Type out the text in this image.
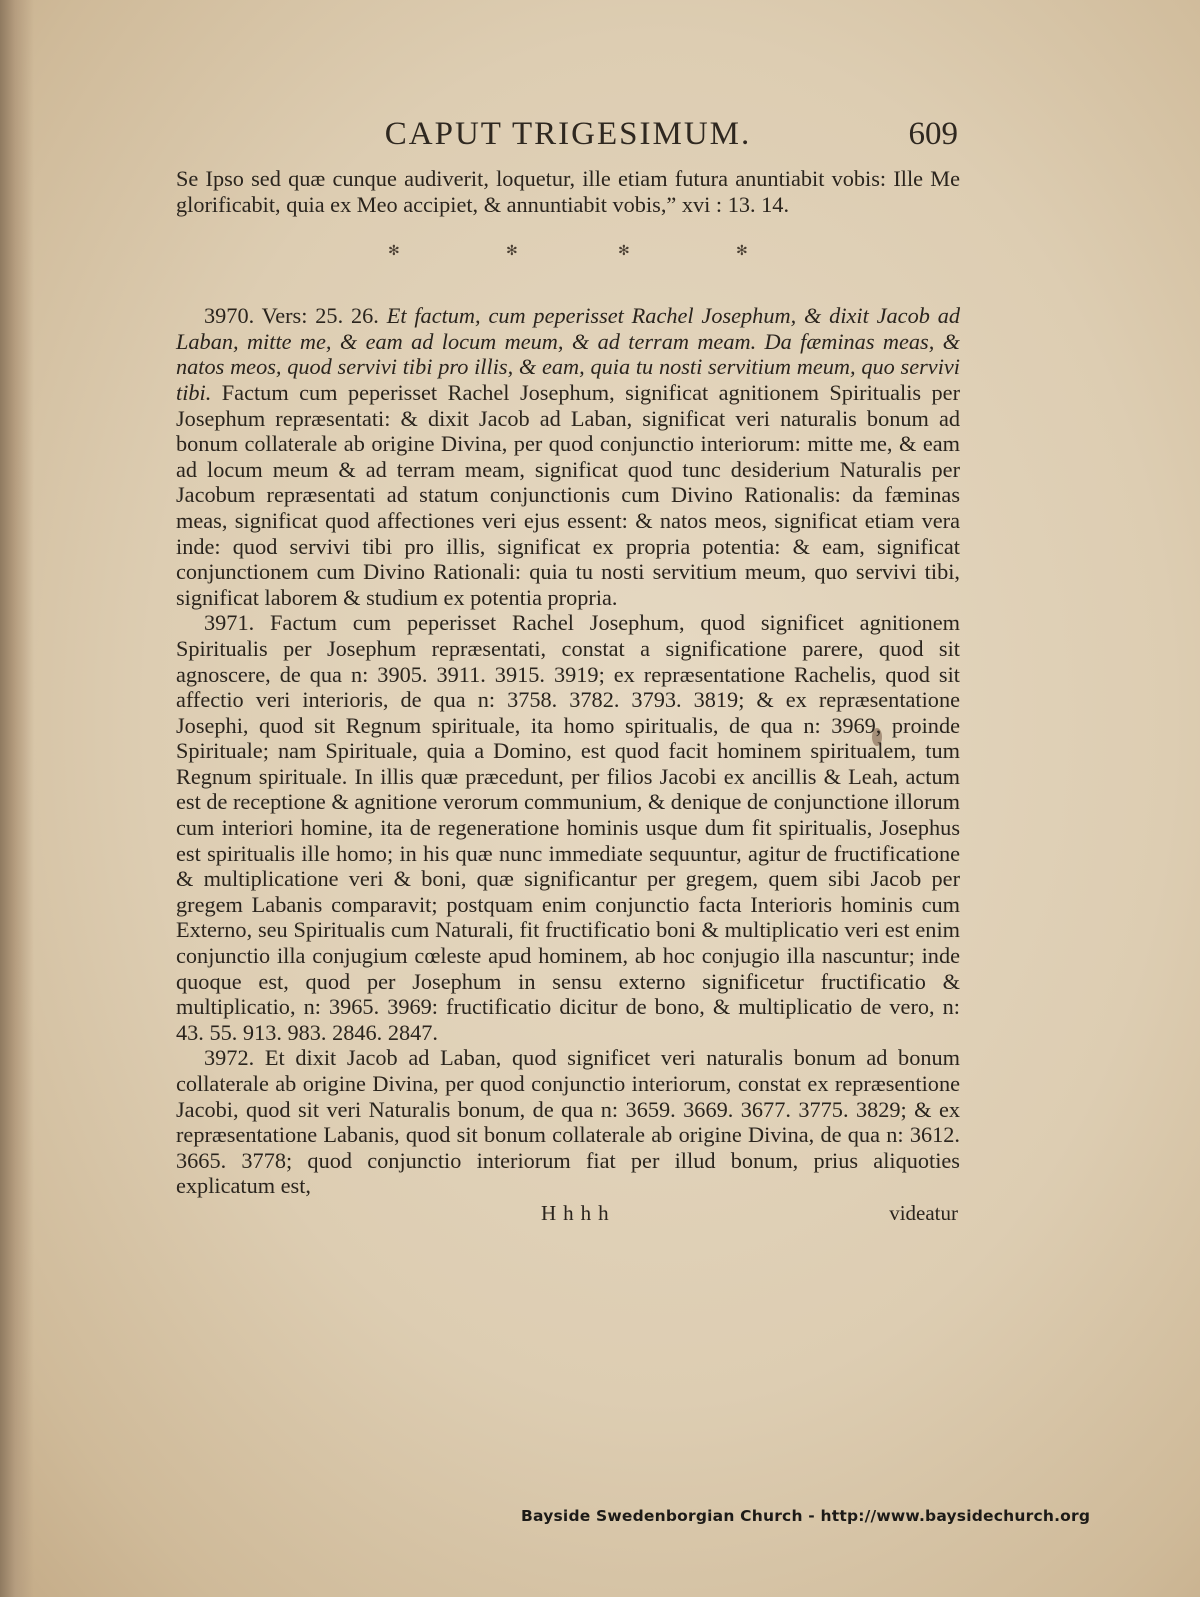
CAPUT TRIGESIMUM.	609

Se Ipso sed quæ cunque audiverit, loquetur, ille etiam futura anuntiabit vobis: Ille Me glorificabit, quia ex Meo accipiet, & annuntiabit vobis,” xvi : 13. 14.

✻	✻	✻	✻

3970. Vers: 25. 26. Et factum, cum peperisset Rachel Josephum, & dixit Jacob ad Laban, mitte me, & eam ad locum meum, & ad terram meam. Da fæminas meas, & natos meos, quod servivi tibi pro illis, & eam, quia tu nosti servitium meum, quo servivi tibi. Factum cum peperisset Rachel Josephum, significat agnitionem Spiritualis per Josephum repræsentati: & dixit Jacob ad Laban, significat veri naturalis bonum ad bonum collaterale ab origine Divina, per quod conjunctio interiorum: mitte me, & eam ad locum meum & ad terram meam, significat quod tunc desiderium Naturalis per Jacobum repræsentati ad statum conjunctionis cum Divino Rationalis: da fæminas meas, significat quod affectiones veri ejus essent: & natos meos, significat etiam vera inde: quod servivi tibi pro illis, significat ex propria potentia: & eam, significat conjunctionem cum Divino Rationali: quia tu nosti servitium meum, quo servivi tibi, significat laborem & studium ex potentia propria.

3971. Factum cum peperisset Rachel Josephum, quod significet agnitionem Spiritualis per Josephum repræsentati, constat a significatione parere, quod sit agnoscere, de qua n: 3905. 3911. 3915. 3919; ex repræsentatione Rachelis, quod sit affectio veri interioris, de qua n: 3758. 3782. 3793. 3819; & ex repræsentatione Josephi, quod sit Regnum spirituale, ita homo spiritualis, de qua n: 3969, proinde Spirituale; nam Spirituale, quia a Domino, est quod facit hominem spiritualem, tum Regnum spirituale. In illis quæ præcedunt, per filios Jacobi ex ancillis & Leah, actum est de receptione & agnitione verorum communium, & denique de conjunctione illorum cum interiori homine, ita de regeneratione hominis usque dum fit spiritualis, Josephus est spiritualis ille homo; in his quæ nunc immediate sequuntur, agitur de fructificatione & multiplicatione veri & boni, quæ significantur per gregem, quem sibi Jacob per gregem Labanis comparavit; postquam enim conjunctio facta Interioris hominis cum Externo, seu Spiritualis cum Naturali, fit fructificatio boni & multiplicatio veri est enim conjunctio illa conjugium cœleste apud hominem, ab hoc conjugio illa nascuntur; inde quoque est, quod per Josephum in sensu externo significetur fructificatio & multiplicatio, n: 3965. 3969: fructificatio dicitur de bono, & multiplicatio de vero, n: 43. 55. 913. 983. 2846. 2847.

3972. Et dixit Jacob ad Laban, quod significet veri naturalis bonum ad bonum collaterale ab origine Divina, per quod conjunctio interiorum, constat ex repræsentione Jacobi, quod sit veri Naturalis bonum, de qua n: 3659. 3669. 3677. 3775. 3829; & ex repræsentatione Labanis, quod sit bonum collaterale ab origine Divina, de qua n: 3612. 3665. 3778; quod conjunctio interiorum fiat per illud bonum, prius aliquoties explicatum est,

Hhhh	videatur
Bayside Swedenborgian Church - http://www.baysidechurch.org
